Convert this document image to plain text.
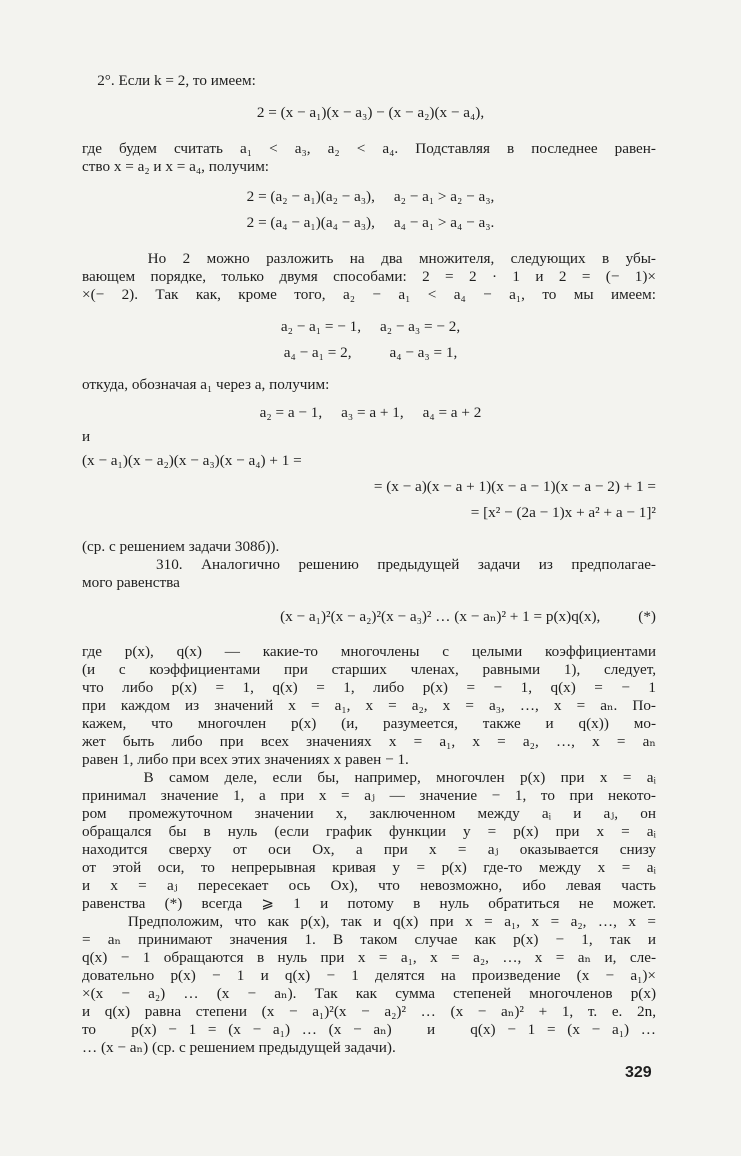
2°. Если k = 2, то имеем:
2 = (x − a₁)(x − a₃) − (x − a₂)(x − a₄),
где будем считать a₁ < a₃, a₂ < a₄. Подставляя в последнее равен-
ство x = a₂ и x = a₄, получим:
2 = (a₂ − a₁)(a₂ − a₃),     a₂ − a₁ > a₂ − a₃,
2 = (a₄ − a₁)(a₄ − a₃),     a₄ − a₁ > a₄ − a₃.
Но 2 можно разложить на два множителя, следующих в убы-
вающем порядке, только двумя способами: 2 = 2 · 1 и 2 = (− 1)×
×(− 2). Так как, кроме того, a₂ − a₁ < a₄ − a₁, то мы имеем:
a₂ − a₁ = − 1,     a₂ − a₃ = − 2,
a₄ − a₁ = 2,          a₄ − a₃ = 1,
откуда, обозначая a₁ через a, получим:
a₂ = a − 1,     a₃ = a + 1,     a₄ = a + 2
и
(x − a₁)(x − a₂)(x − a₃)(x − a₄) + 1 =
= (x − a)(x − a + 1)(x − a − 1)(x − a − 2) + 1 =
= [x² − (2a − 1)x + a² + a − 1]²
(ср. с решением задачи 308б)).
310. Аналогично решению предыдущей задачи из предполагае-
мого равенства
(x − a₁)²(x − a₂)²(x − a₃)² … (x − aₙ)² + 1 = p(x)q(x),          (*)
где p(x), q(x) — какие-то многочлены с целыми коэффициентами
(и с коэффициентами при старших членах, равными 1), следует,
что либо p(x) = 1, q(x) = 1, либо p(x) = − 1, q(x) = − 1
при каждом из значений x = a₁, x = a₂, x = a₃, …, x = aₙ. По-
кажем, что многочлен p(x) (и, разумеется, также и q(x)) мо-
жет быть либо при всех значениях x = a₁, x = a₂, …, x = aₙ
равен 1, либо при всех этих значениях x равен − 1.
В самом деле, если бы, например, многочлен p(x) при x = aᵢ
принимал значение 1, а при x = aⱼ — значение − 1, то при некото-
ром промежуточном значении x, заключенном между aᵢ и aⱼ, он
обращался бы в нуль (если график функции y = p(x) при x = aᵢ
находится сверху от оси Ox, а при x = aⱼ оказывается снизу
от этой оси, то непрерывная кривая y = p(x) где-то между x = aᵢ
и x = aⱼ пересекает ось Ox), что невозможно, ибо левая часть
равенства (*) всегда ⩾ 1 и потому в нуль обратиться не может.
Предположим, что как p(x), так и q(x) при x = a₁, x = a₂, …, x =
= aₙ принимают значения 1. В таком случае как p(x) − 1, так и
q(x) − 1 обращаются в нуль при x = a₁, x = a₂, …, x = aₙ и, сле-
довательно p(x) − 1 и q(x) − 1 делятся на произведение (x − a₁)×
×(x − a₂) … (x − aₙ). Так как сумма степеней многочленов p(x)
и q(x) равна степени (x − a₁)²(x − a₂)² … (x − aₙ)² + 1, т. е. 2n,
то   p(x) − 1 = (x − a₁) … (x − aₙ)   и   q(x) − 1 = (x − a₁) …
… (x − aₙ) (ср. с решением предыдущей задачи).
329
